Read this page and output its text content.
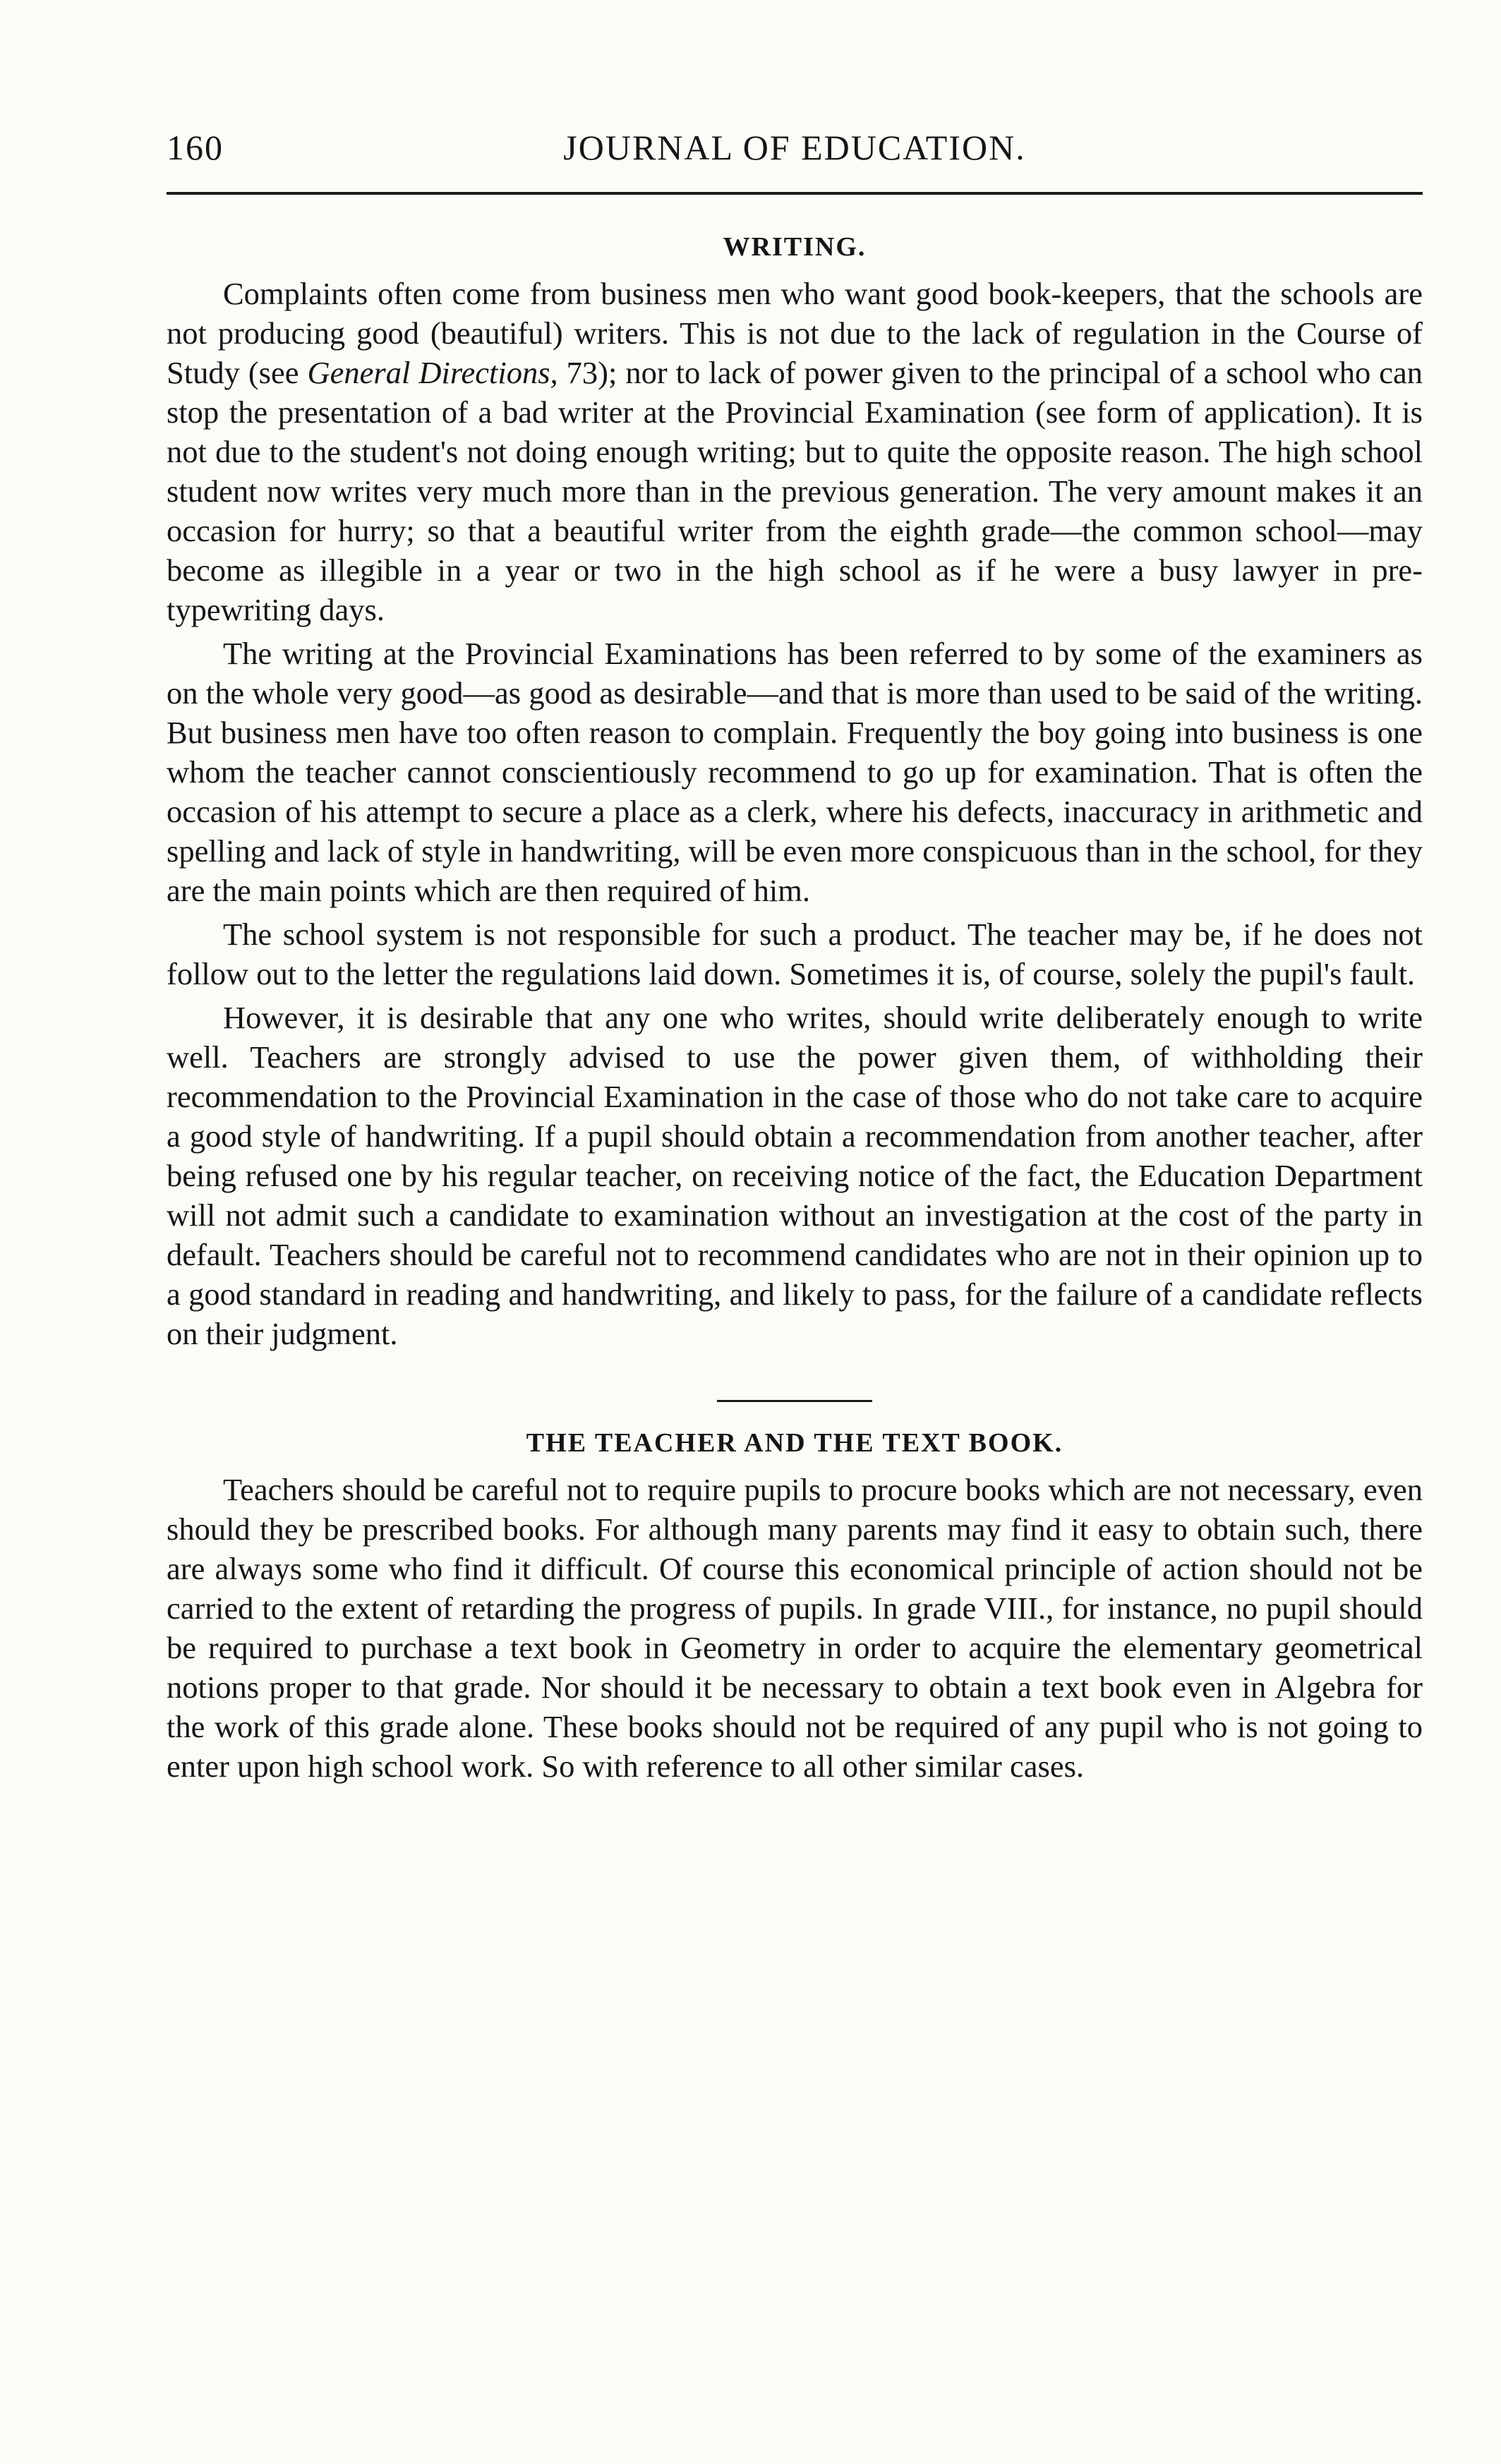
160	JOURNAL OF EDUCATION.
WRITING.

Complaints often come from business men who want good book-keepers, that the schools are not producing good (beautiful) writers. This is not due to the lack of regulation in the Course of Study (see General Directions, 73); nor to lack of power given to the principal of a school who can stop the presentation of a bad writer at the Provincial Examination (see form of application). It is not due to the student's not doing enough writing; but to quite the opposite reason. The high school student now writes very much more than in the previous generation. The very amount makes it an occasion for hurry; so that a beautiful writer from the eighth grade—the common school—may become as illegible in a year or two in the high school as if he were a busy lawyer in pre-typewriting days.

The writing at the Provincial Examinations has been referred to by some of the examiners as on the whole very good—as good as desirable—and that is more than used to be said of the writing. But business men have too often reason to complain. Frequently the boy going into business is one whom the teacher cannot conscientiously recommend to go up for examination. That is often the occasion of his attempt to secure a place as a clerk, where his defects, inaccuracy in arithmetic and spelling and lack of style in handwriting, will be even more conspicuous than in the school, for they are the main points which are then required of him.

The school system is not responsible for such a product. The teacher may be, if he does not follow out to the letter the regulations laid down. Sometimes it is, of course, solely the pupil's fault.

However, it is desirable that any one who writes, should write deliberately enough to write well. Teachers are strongly advised to use the power given them, of withholding their recommendation to the Provincial Examination in the case of those who do not take care to acquire a good style of handwriting. If a pupil should obtain a recommendation from another teacher, after being refused one by his regular teacher, on receiving notice of the fact, the Education Department will not admit such a candidate to examination without an investigation at the cost of the party in default. Teachers should be careful not to recommend candidates who are not in their opinion up to a good standard in reading and handwriting, and likely to pass, for the failure of a candidate reflects on their judgment.

THE TEACHER AND THE TEXT BOOK.

Teachers should be careful not to require pupils to procure books which are not necessary, even should they be prescribed books. For although many parents may find it easy to obtain such, there are always some who find it difficult. Of course this economical principle of action should not be carried to the extent of retarding the progress of pupils. In grade VIII., for instance, no pupil should be required to purchase a text book in Geometry in order to acquire the elementary geometrical notions proper to that grade. Nor should it be necessary to obtain a text book even in Algebra for the work of this grade alone. These books should not be required of any pupil who is not going to enter upon high school work. So with reference to all other similar cases.
